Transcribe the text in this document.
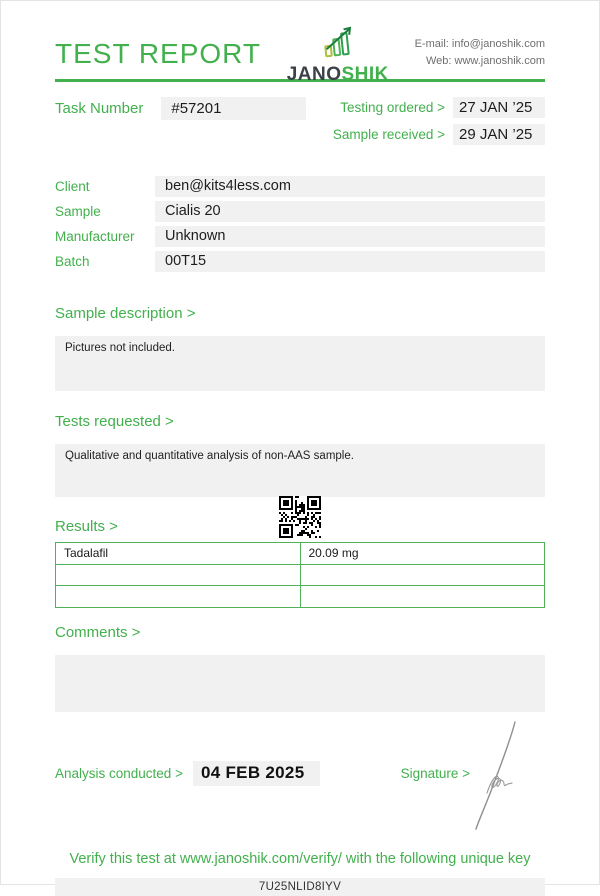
TEST REPORT
JANOSHIK
E-mail: info@janoshik.com
Web: www.janoshik.com
Task Number	#57201	Testing ordered > 27 JAN ’25
Sample received > 29 JAN ’25
Client	ben@kits4less.com
Sample	Cialis 20
Manufacturer	Unknown
Batch	00T15
Sample description >
Pictures not included.
Tests requested >
Qualitative and quantitative analysis of non-AAS sample.
Results >
Tadalafil	20.09 mg

Comments >
Analysis conducted >	04 FEB 2025	Signature >
Verify this test at www.janoshik.com/verify/ with the following unique key
7U25NLID8IYV
